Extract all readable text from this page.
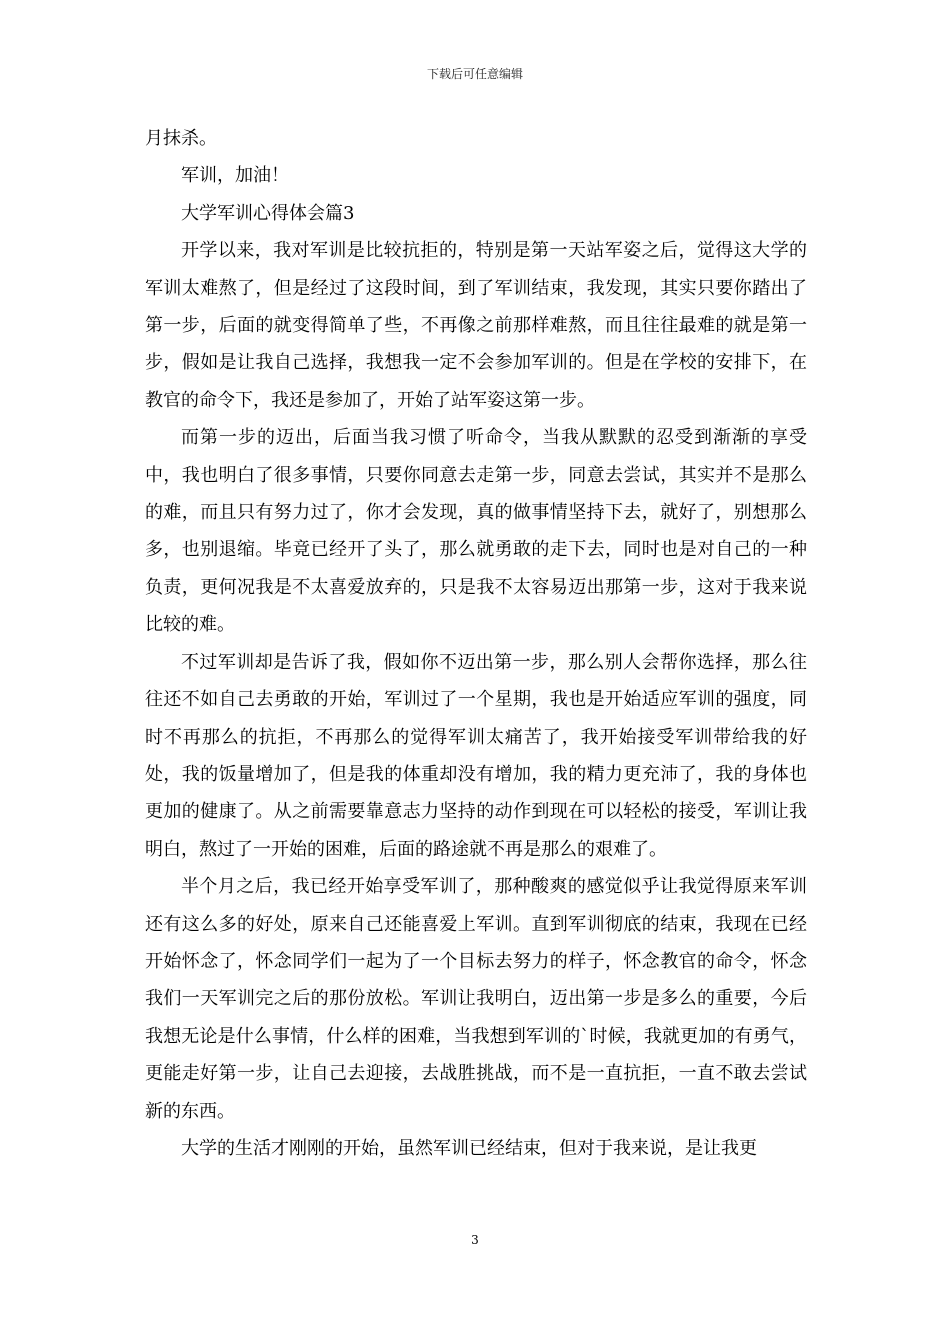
下载后可任意编辑

月抹杀。

军训，加油！

大学军训心得体会篇3

开学以来，我对军训是比较抗拒的，特别是第一天站军姿之后，觉得这大学的军训太难熬了，但是经过了这段时间，到了军训结束，我发现，其实只要你踏出了第一步，后面的就变得简单了些，不再像之前那样难熬，而且往往最难的就是第一步，假如是让我自己选择，我想我一定不会参加军训的。但是在学校的安排下，在教官的命令下，我还是参加了，开始了站军姿这第一步。

而第一步的迈出，后面当我习惯了听命令，当我从默默的忍受到渐渐的享受中，我也明白了很多事情，只要你同意去走第一步，同意去尝试，其实并不是那么的难，而且只有努力过了，你才会发现，真的做事情坚持下去，就好了，别想那么多，也别退缩。毕竟已经开了头了，那么就勇敢的走下去，同时也是对自己的一种负责，更何况我是不太喜爱放弃的，只是我不太容易迈出那第一步，这对于我来说比较的难。

不过军训却是告诉了我，假如你不迈出第一步，那么别人会帮你选择，那么往往还不如自己去勇敢的开始，军训过了一个星期，我也是开始适应军训的强度，同时不再那么的抗拒，不再那么的觉得军训太痛苦了，我开始接受军训带给我的好处，我的饭量增加了，但是我的体重却没有增加，我的精力更充沛了，我的身体也更加的健康了。从之前需要靠意志力坚持的动作到现在可以轻松的接受，军训让我明白，熬过了一开始的困难，后面的路途就不再是那么的艰难了。

半个月之后，我已经开始享受军训了，那种酸爽的感觉似乎让我觉得原来军训还有这么多的好处，原来自己还能喜爱上军训。直到军训彻底的结束，我现在已经开始怀念了，怀念同学们一起为了一个目标去努力的样子，怀念教官的命令，怀念我们一天军训完之后的那份放松。军训让我明白，迈出第一步是多么的重要，今后我想无论是什么事情，什么样的困难，当我想到军训的`时候，我就更加的有勇气，更能走好第一步，让自己去迎接，去战胜挑战，而不是一直抗拒，一直不敢去尝试新的东西。

大学的生活才刚刚的开始，虽然军训已经结束，但对于我来说，是让我更

3
